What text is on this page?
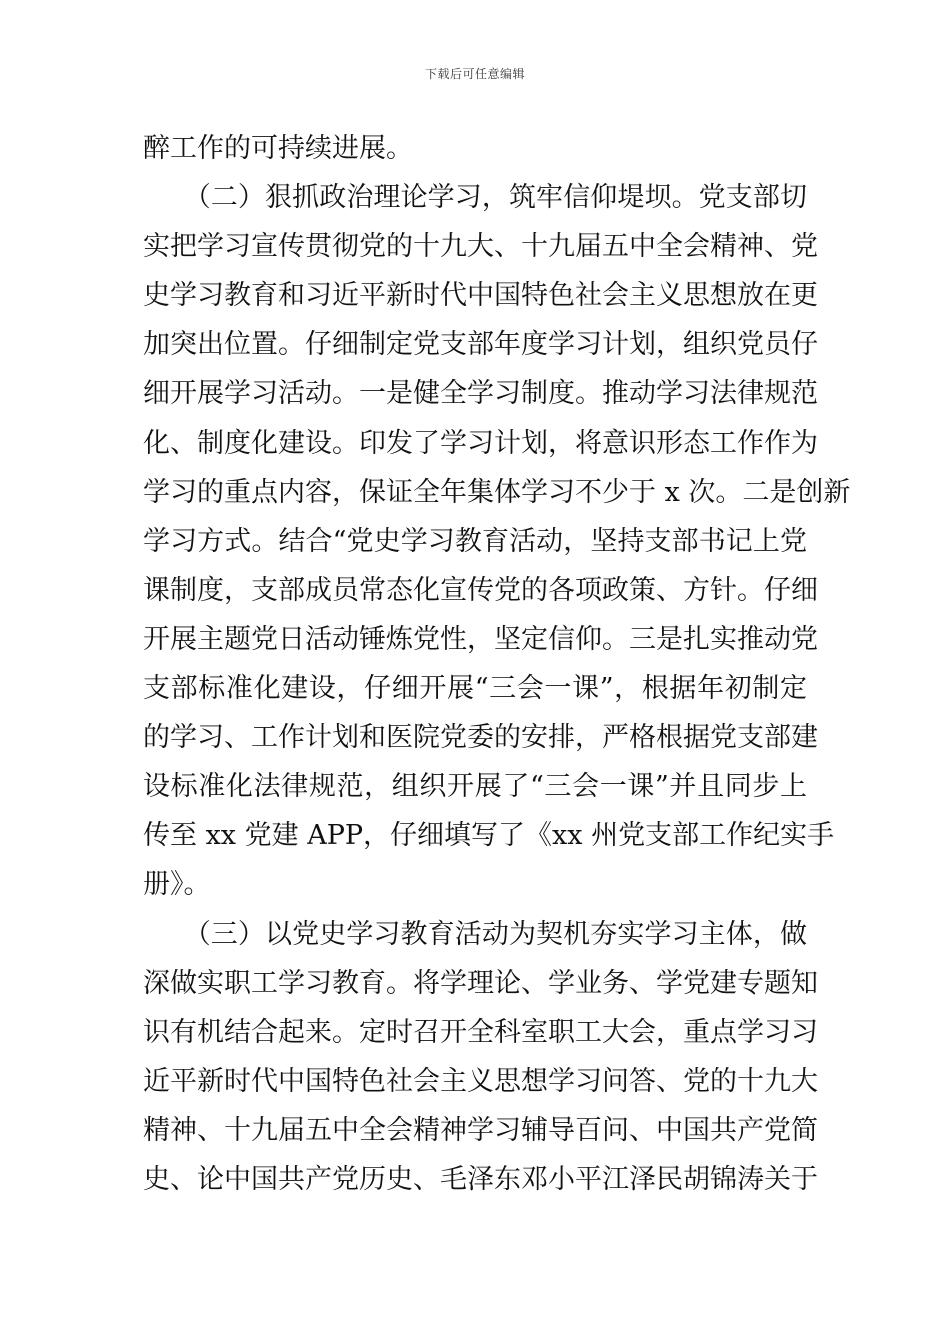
下载后可任意编辑
醉工作的可持续进展。
　　（二）狠抓政治理论学习，筑牢信仰堤坝。党支部切
实把学习宣传贯彻党的十九大、十九届五中全会精神、党
史学习教育和习近平新时代中国特色社会主义思想放在更
加突出位置。仔细制定党支部年度学习计划，组织党员仔
细开展学习活动。一是健全学习制度。推动学习法律规范
化、制度化建设。印发了学习计划，将意识形态工作作为
学习的重点内容，保证全年集体学习不少于 x 次。二是创新
学习方式。结合“党史学习教育活动，坚持支部书记上党
课制度，支部成员常态化宣传党的各项政策、方针。仔细
开展主题党日活动锤炼党性，坚定信仰。三是扎实推动党
支部标准化建设，仔细开展“三会一课”，根据年初制定
的学习、工作计划和医院党委的安排，严格根据党支部建
设标准化法律规范，组织开展了“三会一课”并且同步上
传至 xx 党建 APP，仔细填写了《xx 州党支部工作纪实手
册》。
　　（三）以党史学习教育活动为契机夯实学习主体，做
深做实职工学习教育。将学理论、学业务、学党建专题知
识有机结合起来。定时召开全科室职工大会，重点学习习
近平新时代中国特色社会主义思想学习问答、党的十九大
精神、十九届五中全会精神学习辅导百问、中国共产党简
史、论中国共产党历史、毛泽东邓小平江泽民胡锦涛关于
